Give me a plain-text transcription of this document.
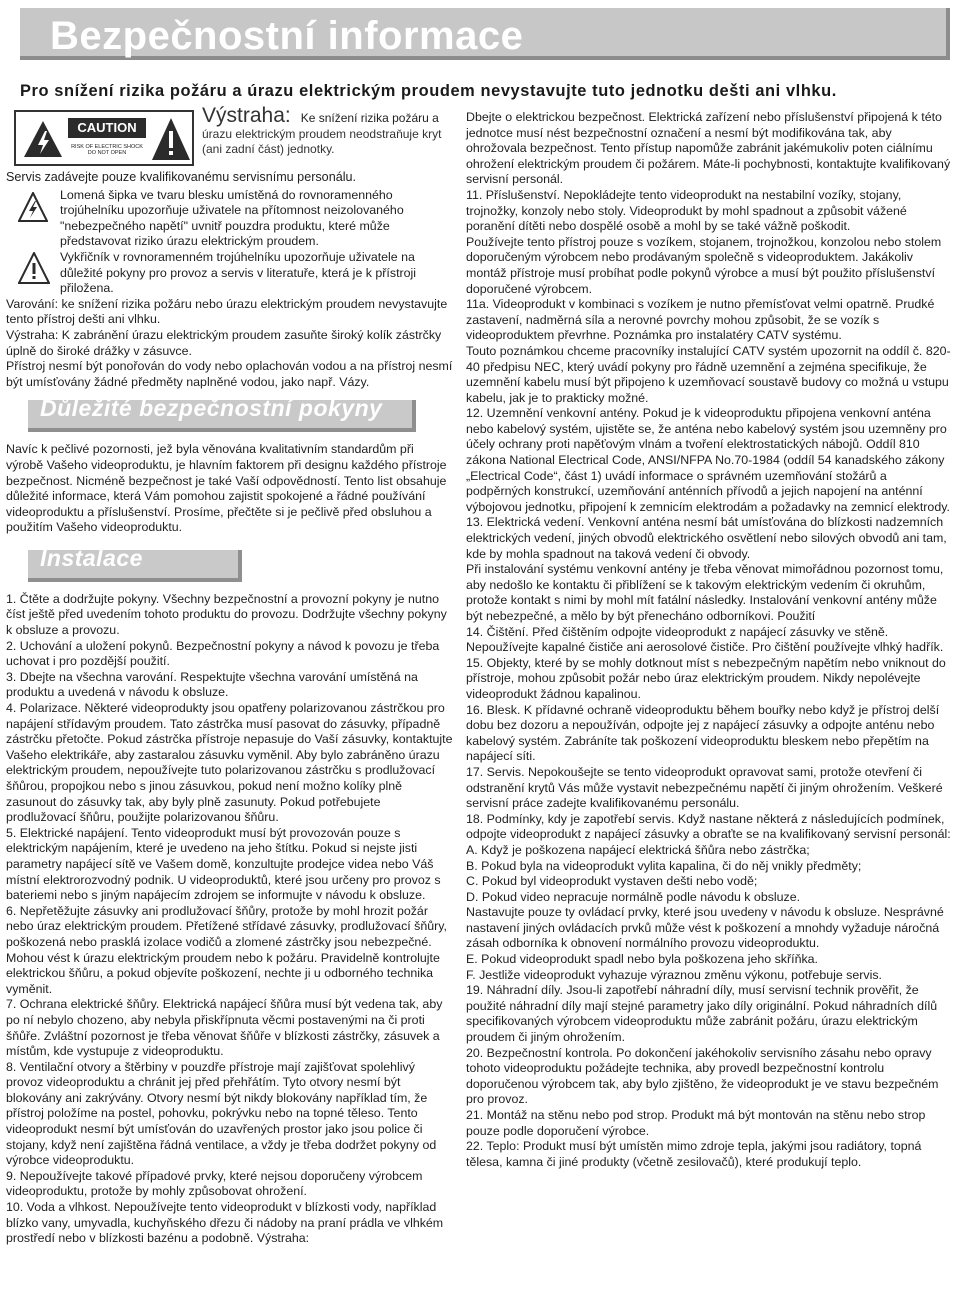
Bezpečnostní informace

Pro snížení rizika požáru a úrazu elektrickým proudem nevystavujte tuto jednotku dešti ani vlhku.

CAUTION
RISK OF ELECTRIC SHOCK DO NOT OPEN
Výstraha: Ke snížení rizika požáru a
úrazu elektrickým proudem neodstraňuje kryt (ani zadní část) jednotky.

Servis zadávejte pouze kvalifikovanému servisnímu personálu.

Lomená šipka ve tvaru blesku umístěná do rovnoramenného trojúhelníku upozorňuje uživatele na přítomnost neizolovaného "nebezpečného napětí" uvnitř pouzdra produktu, které může představovat riziko úrazu elektrickým proudem.

Vykřičník v rovnoramenném trojúhelníku upozorňuje uživatele na důležité pokyny pro provoz a servis v literatuře, která je k přístroji přiložena.

Varování: ke snížení rizika požáru nebo úrazu elektrickým proudem nevystavujte tento přístroj dešti ani vlhku.

Výstraha: K zabránění úrazu elektrickým proudem zasuňte široký kolík zástrčky úplně do široké drážky v zásuvce.

Přístroj nesmí být ponořován do vody nebo oplachován vodou a na přístroj nesmí být umísťovány žádné předměty naplněné vodou, jako např. Vázy.

Důležité bezpečnostní pokyny

Navíc k pečlivé pozornosti, jež byla věnována kvalitativním standardům při výrobě Vašeho videoproduktu, je hlavním faktorem při designu každého přístroje bezpečnost. Nicméně bezpečnost je také Vaší odpovědností. Tento list obsahuje důležité informace, která Vám pomohou zajistit spokojené a řádné používání videoproduktu a příslušenství. Prosíme, přečtěte si je pečlivě před obsluhou a použitím Vašeho videoproduktu.

Instalace

1. Čtěte a dodržujte pokyny. Všechny bezpečnostní a provozní pokyny je nutno číst ještě před uvedením tohoto produktu do provozu. Dodržujte všechny pokyny k obsluze a provozu.

2. Uchování a uložení pokynů. Bezpečnostní pokyny a návod k povozu je třeba uchovat i pro pozdější použití.

3. Dbejte na všechna varování. Respektujte všechna varování umístěná na produktu a uvedená v návodu k obsluze.

4. Polarizace. Některé videoprodukty jsou opatřeny polarizovanou zástrčkou pro napájení střídavým proudem. Tato zástrčka musí pasovat do zásuvky, případně zástrčku přetočte. Pokud zástrčka přístroje nepasuje do Vaší zásuvky, kontaktujte Vašeho elektrikáře, aby zastaralou zásuvku vyměnil. Aby bylo zabráněno úrazu elektrickým proudem, nepoužívejte tuto polarizovanou zástrčku s prodlužovací šňůrou, propojkou nebo s jinou zásuvkou, pokud není možno kolíky plně zasunout do zásuvky tak, aby byly plně zasunuty. Pokud potřebujete prodlužovací šňůru, použijte polarizovanou šňůru.

5. Elektrické napájení. Tento videoprodukt musí být provozován pouze s elektrickým napájením, které je uvedeno na jeho štítku. Pokud si nejste jisti parametry napájecí sítě ve Vašem domě, konzultujte prodejce videa nebo Váš místní elektrorozvodný podnik. U videoproduktů, které jsou určeny pro provoz s bateriemi nebo s jiným napájecím zdrojem se informujte v návodu k obsluze.

6. Nepřetěžujte zásuvky ani prodlužovací šňůry, protože by mohl hrozit požár nebo úraz elektrickým proudem. Přetížené střídavé zásuvky, prodlužovací šňůry, poškozená nebo prasklá izolace vodičů a zlomené zástrčky jsou nebezpečné. Mohou vést k úrazu elektrickým proudem nebo k požáru. Pravidelně kontrolujte elektrickou šňůru, a pokud objevíte poškození, nechte ji u odborného technika vyměnit.

7. Ochrana elektrické šňůry. Elektrická napájecí šňůra musí být vedena tak, aby po ní nebylo chozeno, aby nebyla přiskřípnuta věcmi postavenými na či proti šňůře. Zvláštní pozornost je třeba věnovat šňůře v blízkosti zástrčky, zásuvek a místům, kde vystupuje z videoproduktu.

8. Ventilační otvory a štěrbiny v pouzdře přístroje mají zajišťovat spolehlivý provoz videoproduktu a chránit jej před přehřátím. Tyto otvory nesmí být blokovány ani zakrývány. Otvory nesmí být nikdy blokovány například tím, že přístroj položíme na postel, pohovku, pokrývku nebo na topné těleso. Tento videoprodukt nesmí být umísťován do uzavřených prostor jako jsou police či stojany, když není zajištěna řádná ventilace, a vždy je třeba dodržet pokyny od výrobce videoproduktu.

9. Nepoužívejte takové případové prvky, které nejsou doporučeny výrobcem videoproduktu, protože by mohly způsobovat ohrožení.

10. Voda a vlhkost. Nepoužívejte tento videoprodukt v blízkosti vody, například blízko vany, umyvadla, kuchyňského dřezu či nádoby na praní prádla ve vlhkém prostředí nebo v blízkosti bazénu a podobně. Výstraha:

Dbejte o elektrickou bezpečnost. Elektrická zařízení nebo příslušenství připojená k této jednotce musí nést bezpečnostní označení a nesmí být modifikována tak, aby ohrožovala bezpečnost. Tento přístup napomůže zabránit jakémukoliv poten ciálnímu ohrožení elektrickým proudem či požárem. Máte-li pochybnosti, kontaktujte kvalifikovaný servisní personál.

11. Příslušenství. Nepokládejte tento videoprodukt na nestabilní vozíky, stojany, trojnožky, konzoly nebo stoly. Videoprodukt by mohl spadnout a způsobit vážené poranění dítěti nebo dospělé osobě a mohl by se také vážně poškodit.

Používejte tento přístroj pouze s vozíkem, stojanem, trojnožkou, konzolou nebo stolem doporučeným výrobcem nebo prodávaným společně s videoproduktem. Jakákoliv montáž přístroje musí probíhat podle pokynů výrobce a musí být použito příslušenství doporučené výrobcem.

11a. Videoprodukt v kombinaci s vozíkem je nutno přemísťovat velmi opatrně. Prudké zastavení, nadměrná síla a nerovné povrchy mohou způsobit, že se vozík s videoproduktem převrhne. Poznámka pro instalatéry CATV systému.

Touto poznámkou chceme pracovníky instalující CATV systém upozornit na oddíl č. 820-40 předpisu NEC, který uvádí pokyny pro řádně uzemnění a zejména specifikuje, že uzemnění kabelu musí být připojeno k uzemňovací soustavě budovy co možná u vstupu kabelu, jak je to prakticky možné.

12. Uzemnění venkovní antény. Pokud je k videoproduktu připojena venkovní anténa nebo kabelový systém, ujistěte se, že anténa nebo kabelový systém jsou uzemněny pro účely ochrany proti napěťovým vlnám a tvoření elektrostatických nábojů. Oddíl 810 zákona National Electrical Code, ANSI/NFPA No.70-1984 (oddíl 54 kanadského zákony „Electrical Code“, část 1) uvádí informace o správném uzemňování stožárů a podpěrných konstrukcí, uzemňování anténních přívodů a jejich napojení na anténní výbojovou jednotku, připojení k zemnicím elektrodám a požadavky na zemnicí elektrody.

13. Elektrická vedení. Venkovní anténa nesmí bát umísťována do blízkosti nadzemních elektrických vedení, jiných obvodů elektrického osvětlení nebo silových obvodů ani tam, kde by mohla spadnout na taková vedení či obvody.

Při instalování systému venkovní antény je třeba věnovat mimořádnou pozornost tomu, aby nedošlo ke kontaktu či přiblížení se k takovým elektrickým vedením či okruhům, protože kontakt s nimi by mohl mít fatální následky. Instalování venkovní antény může být nebezpečné, a mělo by být přenecháno odborníkovi. Použití

14. Čištění. Před čištěním odpojte videoprodukt z napájecí zásuvky ve stěně. Nepoužívejte kapalné čističe ani aerosolové čističe. Pro čištění používejte vlhký hadřík.

15. Objekty, které by se mohly dotknout míst s nebezpečným napětím nebo vniknout do přístroje, mohou způsobit požár nebo úraz elektrickým proudem. Nikdy nepolévejte videoprodukt žádnou kapalinou.

16. Blesk. K přídavné ochraně videoproduktu během bouřky nebo když je přístroj delší dobu bez dozoru a nepoužíván, odpojte jej z napájecí zásuvky a odpojte anténu nebo kabelový systém. Zabráníte tak poškození videoproduktu bleskem nebo přepětím na napájecí síti.

17. Servis. Nepokoušejte se tento videoprodukt opravovat sami, protože otevření či odstranění krytů Vás může vystavit nebezpečnému napětí či jiným ohrožením. Veškeré servisní práce zadejte kvalifikovanému personálu.

18. Podmínky, kdy je zapotřebí servis. Když nastane některá z následujících podmínek, odpojte videoprodukt z napájecí zásuvky a obraťte se na kvalifikovaný servisní personál:

A. Když je poškozena napájecí elektrická šňůra nebo zástrčka;

B. Pokud byla na videoprodukt vylita kapalina, či do něj vnikly předměty;

C. Pokud byl videoprodukt vystaven dešti nebo vodě;

D. Pokud video nepracuje normálně podle návodu k obsluze.

Nastavujte pouze ty ovládací prvky, které jsou uvedeny v návodu k obsluze. Nesprávné nastavení jiných ovládacích prvků může vést k poškození a mnohdy vyžaduje náročná zásah odborníka k obnovení normálního provozu videoproduktu.

E. Pokud videoprodukt spadl nebo byla poškozena jeho skříňka.

F. Jestliže videoprodukt vyhazuje výraznou změnu výkonu, potřebuje servis.

19. Náhradní díly. Jsou-li zapotřebí náhradní díly, musí servisní technik prověřit, že použité náhradní díly mají stejné parametry jako díly originální. Pokud náhradních dílů specifikovaných výrobcem videoproduktu může zabránit požáru, úrazu elektrickým proudem či jiným ohrožením.

20. Bezpečnostní kontrola. Po dokončení jakéhokoliv servisního zásahu nebo opravy tohoto videoproduktu požádejte technika, aby provedl bezpečnostní kontrolu doporučenou výrobcem tak, aby bylo zjištěno, že videoprodukt je ve stavu bezpečném pro provoz.

21. Montáž na stěnu nebo pod strop. Produkt má být montován na stěnu nebo strop pouze podle doporučení výrobce.

22. Teplo: Produkt musí být umístěn mimo zdroje tepla, jakými jsou radiátory, topná tělesa, kamna či jiné produkty (včetně zesilovačů), které produkují teplo.
